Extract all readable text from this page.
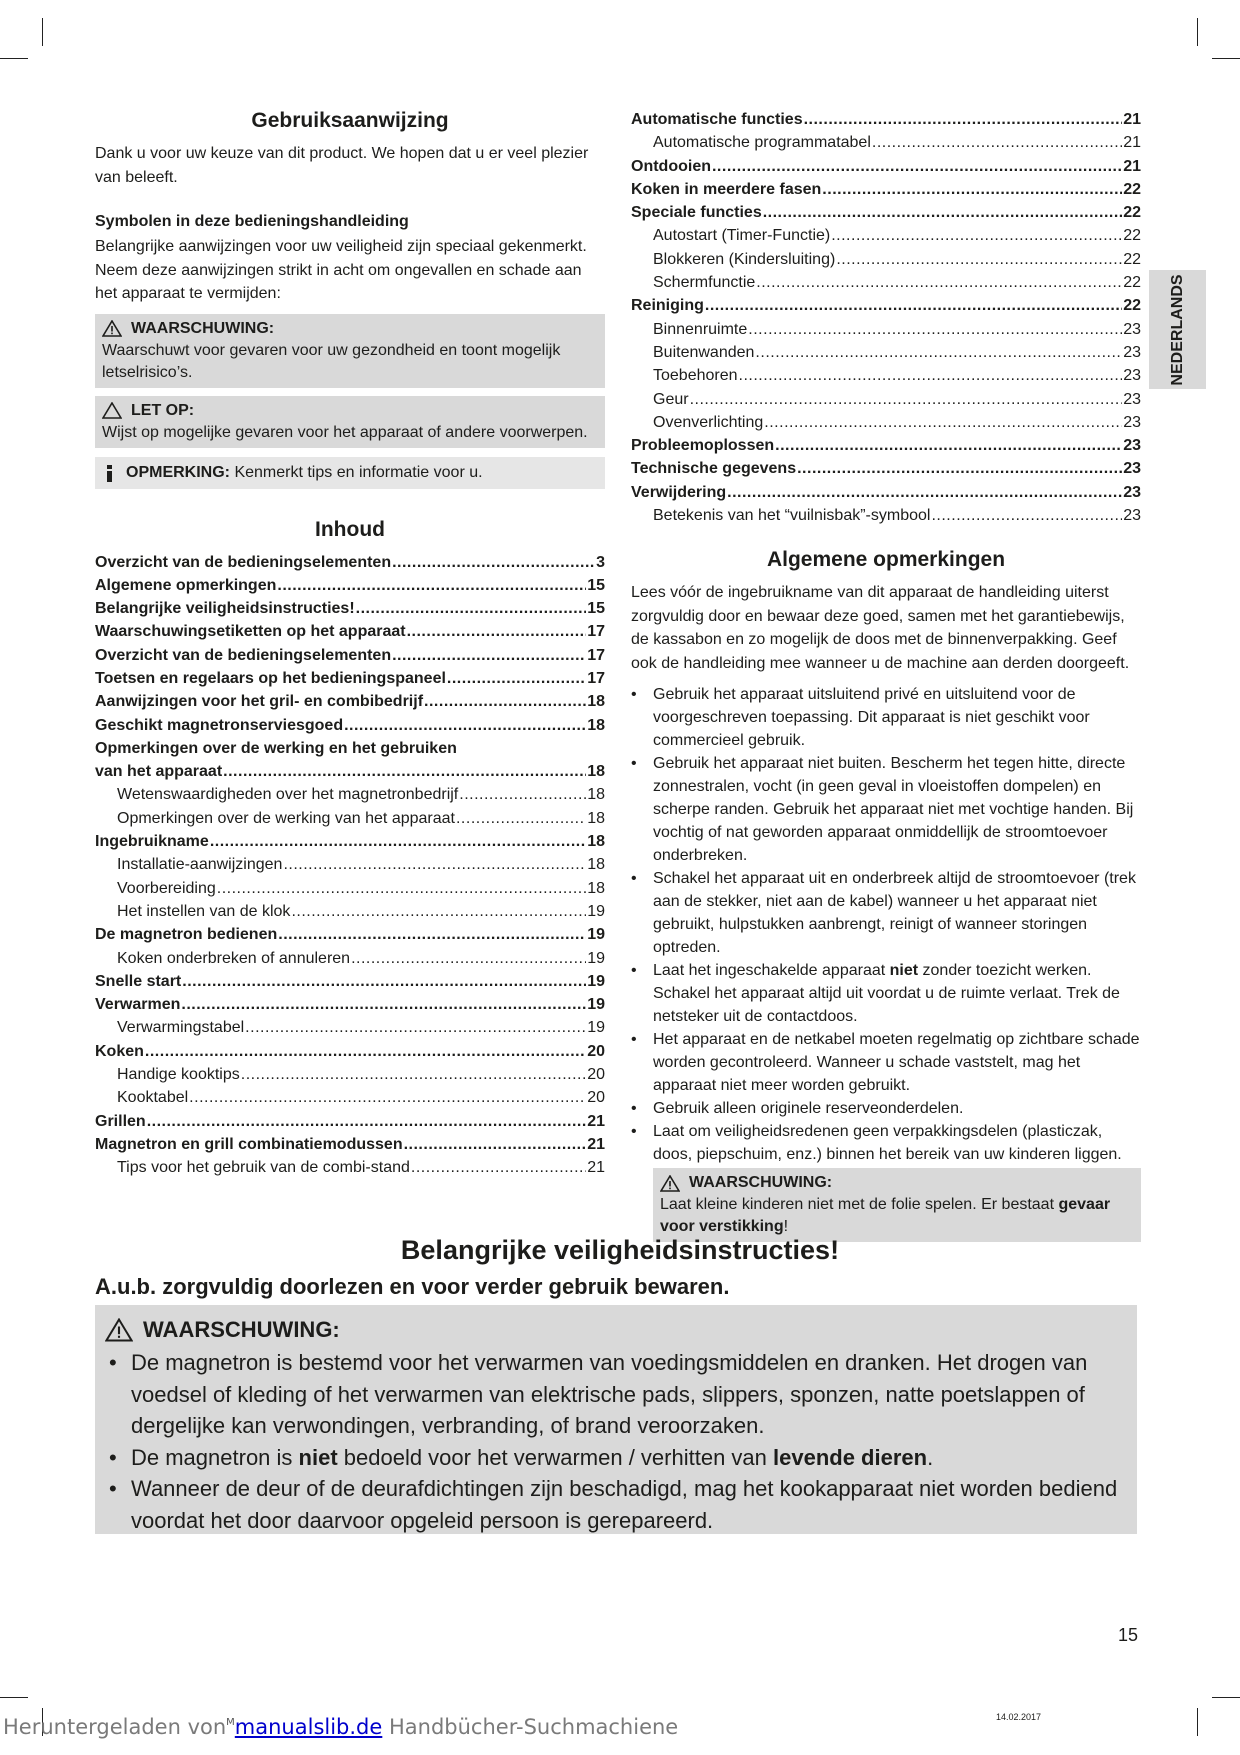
Gebruiksaanwijzing

Dank u voor uw keuze van dit product. We hopen dat u er veel plezier van beleeft.

Symbolen in deze bedieningshandleiding

Belangrijke aanwijzingen voor uw veiligheid zijn speciaal gekenmerkt. Neem deze aanwijzingen strikt in acht om ongevallen en schade aan het apparaat te vermijden:

WAARSCHUWING:
Waarschuwt voor gevaren voor uw gezondheid en toont mogelijk letselrisico’s.
LET OP:
Wijst op mogelijke gevaren voor het apparaat of andere voorwerpen.
OPMERKING: Kenmerkt tips en informatie voor u.
Inhoud
Overzicht van de bedieningselementen .....	3
Algemene opmerkingen .....	15
Belangrijke veiligheidsinstructies! .....	15
Waarschuwingsetiketten op het apparaat .....	17
Overzicht van de bedieningselementen .....	17
Toetsen en regelaars op het bedieningspaneel .....	17
Aanwijzingen voor het gril- en combibedrijf .....	18
Geschikt magnetronserviesgoed .....	18
Opmerkingen over de werking en het gebruiken
van het apparaat .....	18
Wetenswaardigheden over het magnetronbedrijf .....	18
Opmerkingen over de werking van het apparaat .....	18
Ingebruikname .....	18
Installatie-aanwijzingen .....	18
Voorbereiding .....	18
Het instellen van de klok .....	19
De magnetron bedienen .....	19
Koken onderbreken of annuleren .....	19
Snelle start .....	19
Verwarmen .....	19
Verwarmingstabel .....	19
Koken .....	20
Handige kooktips .....	20
Kooktabel .....	20
Grillen .....	21
Magnetron en grill combinatiemodussen .....	21
Tips voor het gebruik van de combi-stand .....	21
Automatische functies .....	21
Automatische programmatabel .....	21
Ontdooien .....	21
Koken in meerdere fasen .....	22
Speciale functies .....	22
Autostart (Timer-Functie) .....	22
Blokkeren (Kindersluiting) .....	22
Schermfunctie .....	22
Reiniging .....	22
Binnenruimte .....	23
Buitenwanden .....	23
Toebehoren .....	23
Geur .....	23
Ovenverlichting .....	23
Probleemoplossen .....	23
Technische gegevens .....	23
Verwijdering .....	23
Betekenis van het “vuilnisbak”-symbool .....	23
Algemene opmerkingen

Lees vóór de ingebruikname van dit apparaat de handleiding uiterst zorgvuldig door en bewaar deze goed, samen met het garantiebewijs, de kassabon en zo mogelijk de doos met de binnenverpakking. Geef ook de handleiding mee wanneer u de machine aan derden doorgeeft.

• Gebruik het apparaat uitsluitend privé en uitsluitend voor de voorgeschreven toepassing. Dit apparaat is niet geschikt voor commercieel gebruik.
• Gebruik het apparaat niet buiten. Bescherm het tegen hitte, directe zonnestralen, vocht (in geen geval in vloeistoffen dompelen) en scherpe randen. Gebruik het apparaat niet met vochtige handen. Bij vochtig of nat geworden apparaat onmiddellijk de stroomtoevoer onderbreken.
• Schakel het apparaat uit en onderbreek altijd de stroomtoevoer (trek aan de stekker, niet aan de kabel) wanneer u het apparaat niet gebruikt, hulpstukken aanbrengt, reinigt of wanneer storingen optreden.
• Laat het ingeschakelde apparaat niet zonder toezicht werken. Schakel het apparaat altijd uit voordat u de ruimte verlaat. Trek de netsteker uit de contactdoos.
• Het apparaat en de netkabel moeten regelmatig op zichtbare schade worden gecontroleerd. Wanneer u schade vaststelt, mag het apparaat niet meer worden gebruikt.
• Gebruik alleen originele reserveonderdelen.
• Laat om veiligheidsredenen geen verpakkingsdelen (plasticzak, doos, piepschuim, enz.) binnen het bereik van uw kinderen liggen.
WAARSCHUWING:
Laat kleine kinderen niet met de folie spelen. Er bestaat gevaar voor verstikking!
NEDERLANDS
Belangrijke veiligheidsinstructies!
A.u.b. zorgvuldig doorlezen en voor verder gebruik bewaren.
WAARSCHUWING:
• De magnetron is bestemd voor het verwarmen van voedingsmiddelen en dranken. Het drogen van voedsel of kleding of het verwarmen van elektrische pads, slippers, sponzen, natte poetslappen of dergelijke kan verwondingen, verbranding, of brand veroorzaken.
• De magnetron is niet bedoeld voor het verwarmen / verhitten van levende dieren.
• Wanneer de deur of de deurafdichtingen zijn beschadigd, mag het kookapparaat niet worden bediend voordat het door daarvoor opgeleid persoon is gerepareerd.
15
14.02.2017
Heruntergeladen von$^M$manualslib.de Handbücher-Suchmachiene
